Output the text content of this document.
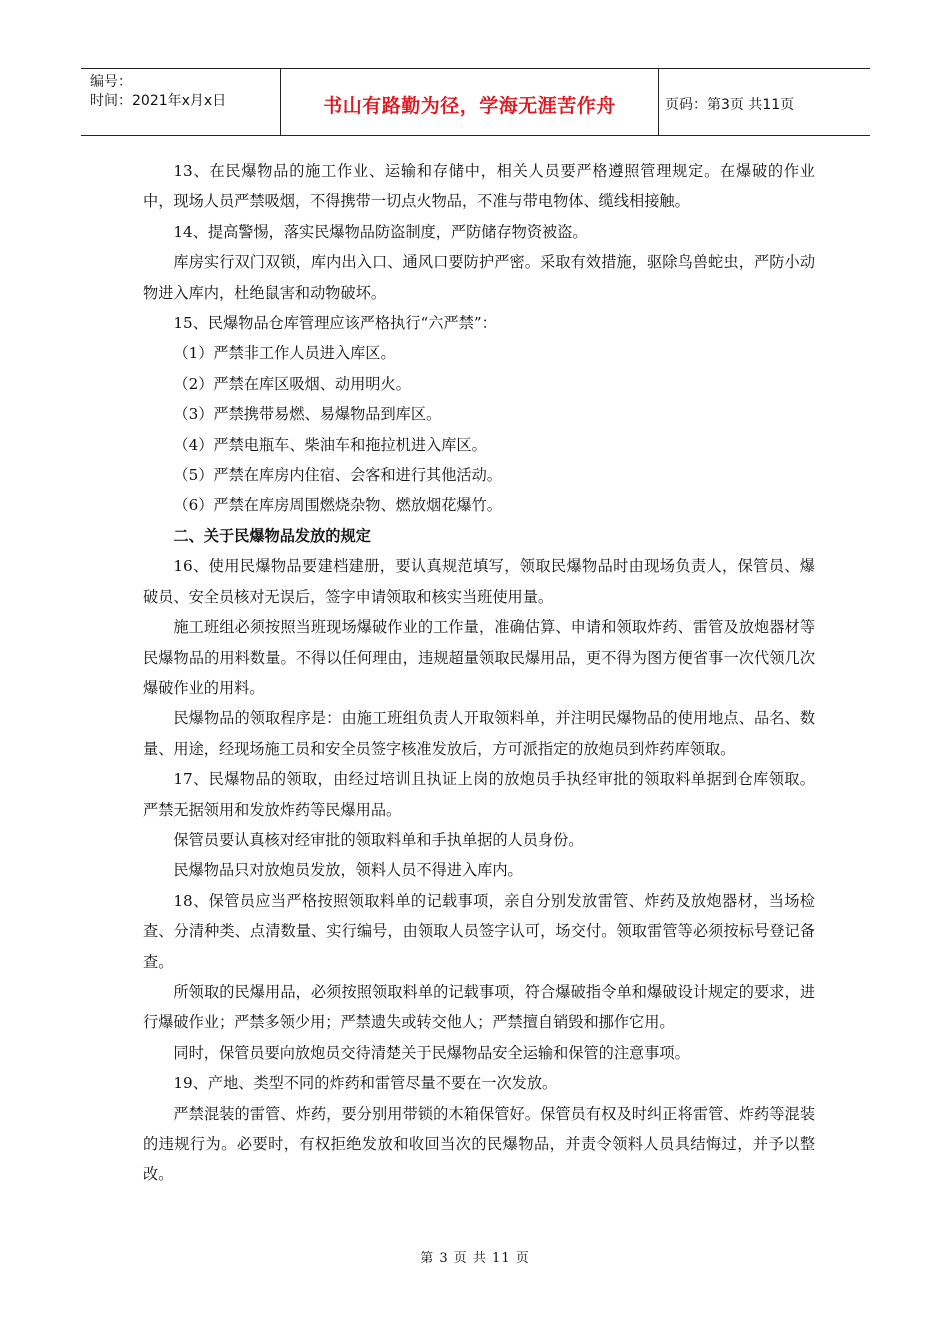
编号：
时间：2021年x月x日	书山有路勤为径，学海无涯苦作舟	页码：第3页 共11页

13、在民爆物品的施工作业、运输和存储中，相关人员要严格遵照管理规定。在爆破的作业中，现场人员严禁吸烟，不得携带一切点火物品，不准与带电物体、缆线相接触。

14、提高警惕，落实民爆物品防盗制度，严防储存物资被盗。

库房实行双门双锁，库内出入口、通风口要防护严密。采取有效措施，驱除鸟兽蛇虫，严防小动物进入库内，杜绝鼠害和动物破坏。

15、民爆物品仓库管理应该严格执行“六严禁”：

（1）严禁非工作人员进入库区。

（2）严禁在库区吸烟、动用明火。

（3）严禁携带易燃、易爆物品到库区。

（4）严禁电瓶车、柴油车和拖拉机进入库区。

（5）严禁在库房内住宿、会客和进行其他活动。

（6）严禁在库房周围燃烧杂物、燃放烟花爆竹。

二、关于民爆物品发放的规定

16、使用民爆物品要建档建册，要认真规范填写，领取民爆物品时由现场负责人，保管员、爆破员、安全员核对无误后，签字申请领取和核实当班使用量。

施工班组必须按照当班现场爆破作业的工作量，准确估算、申请和领取炸药、雷管及放炮器材等民爆物品的用料数量。不得以任何理由，违规超量领取民爆用品，更不得为图方便省事一次代领几次爆破作业的用料。

民爆物品的领取程序是：由施工班组负责人开取领料单，并注明民爆物品的使用地点、品名、数量、用途，经现场施工员和安全员签字核准发放后，方可派指定的放炮员到炸药库领取。

17、民爆物品的领取，由经过培训且执证上岗的放炮员手执经审批的领取料单据到仓库领取。严禁无据领用和发放炸药等民爆用品。

保管员要认真核对经审批的领取料单和手执单据的人员身份。

民爆物品只对放炮员发放，领料人员不得进入库内。

18、保管员应当严格按照领取料单的记载事项，亲自分别发放雷管、炸药及放炮器材，当场检查、分清种类、点清数量、实行编号，由领取人员签字认可，场交付。领取雷管等必须按标号登记备查。

所领取的民爆用品，必须按照领取料单的记载事项，符合爆破指令单和爆破设计规定的要求，进行爆破作业；严禁多领少用；严禁遗失或转交他人；严禁擅自销毁和挪作它用。

同时，保管员要向放炮员交待清楚关于民爆物品安全运输和保管的注意事项。

19、产地、类型不同的炸药和雷管尽量不要在一次发放。

严禁混装的雷管、炸药，要分别用带锁的木箱保管好。保管员有权及时纠正将雷管、炸药等混装的违规行为。必要时，有权拒绝发放和收回当次的民爆物品，并责令领料人员具结悔过，并予以整改。

第 3 页 共 11 页
